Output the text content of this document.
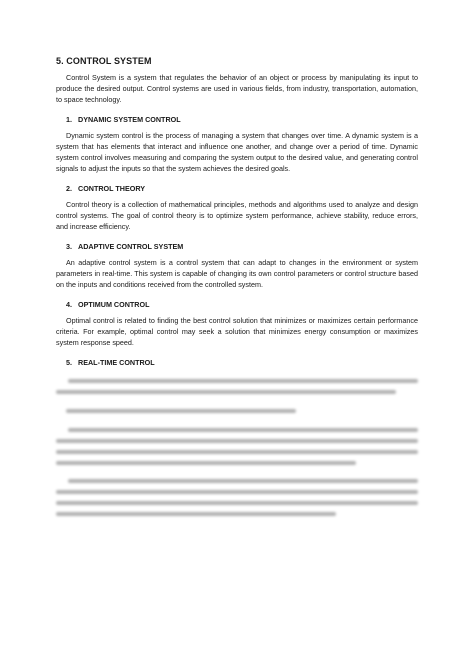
5. CONTROL SYSTEM

Control System is a system that regulates the behavior of an object or process by manipulating its input to produce the desired output. Control systems are used in various fields, from industry, transportation, automation, to space technology.

1. DYNAMIC SYSTEM CONTROL

Dynamic system control is the process of managing a system that changes over time. A dynamic system is a system that has elements that interact and influence one another, and change over a period of time. Dynamic system control involves measuring and comparing the system output to the desired value, and generating control signals to adjust the inputs so that the system achieves the desired goals.

2. CONTROL THEORY

Control theory is a collection of mathematical principles, methods and algorithms used to analyze and design control systems. The goal of control theory is to optimize system performance, achieve stability, reduce errors, and increase efficiency.

3. ADAPTIVE CONTROL SYSTEM

An adaptive control system is a control system that can adapt to changes in the environment or system parameters in real-time. This system is capable of changing its own control parameters or control structure based on the inputs and conditions received from the controlled system.

4. OPTIMUM CONTROL

Optimal control is related to finding the best control solution that minimizes or maximizes certain performance criteria. For example, optimal control may seek a solution that minimizes energy consumption or maximizes system response speed.

5. REAL-TIME CONTROL
